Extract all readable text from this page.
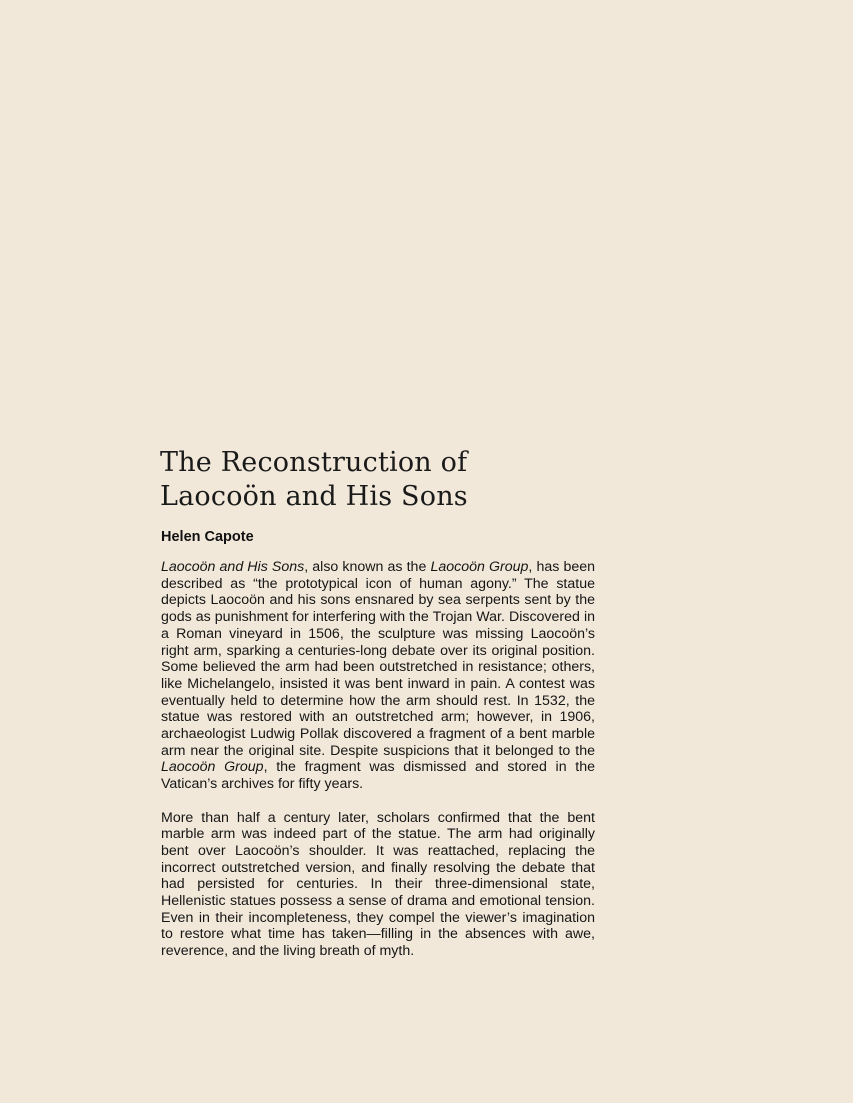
The Reconstruction of
Laocoön and His Sons
Helen Capote

Laocoön and His Sons, also known as the Laocoön Group, has been described as “the prototypical icon of human agony.” The statue depicts Laocoön and his sons ensnared by sea serpents sent by the gods as punishment for interfering with the Trojan War. Discovered in a Roman vineyard in 1506, the sculpture was missing Laocoön’s right arm, sparking a centuries-long debate over its original position. Some believed the arm had been outstretched in resistance; others, like Michelangelo, insisted it was bent inward in pain. A contest was eventually held to determine how the arm should rest. In 1532, the statue was restored with an outstretched arm; however, in 1906, archaeologist Ludwig Pollak discovered a fragment of a bent marble arm near the original site. Despite suspicions that it belonged to the Laocoön Group, the fragment was dismissed and stored in the Vatican’s archives for fifty years.

More than half a century later, scholars confirmed that the bent marble arm was indeed part of the statue. The arm had originally bent over Laocoön’s shoulder. It was reattached, replacing the incorrect outstretched version, and finally resolving the debate that had persisted for centuries. In their three-dimensional state, Hellenistic statues possess a sense of drama and emotional tension. Even in their incompleteness, they compel the viewer’s imagination to restore what time has taken—filling in the absences with awe, reverence, and the living breath of myth.
